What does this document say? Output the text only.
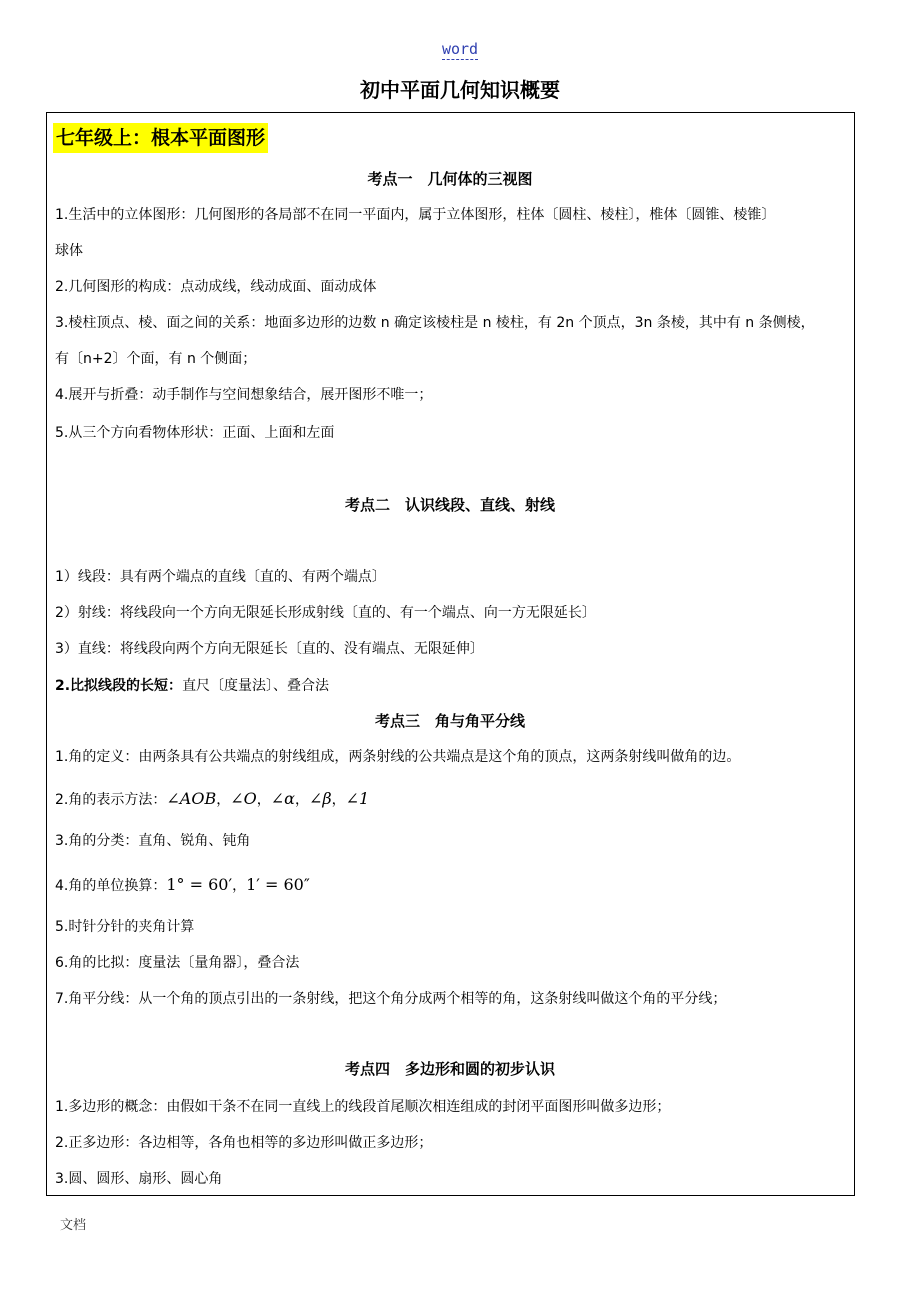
word
初中平面几何知识概要
七年级上：根本平面图形
考点一　几何体的三视图
1.生活中的立体图形：几何图形的各局部不在同一平面内，属于立体图形，柱体〔圆柱、棱柱〕，椎体〔圆锥、棱锥〕
球体
2.几何图形的构成：点动成线，线动成面、面动成体
3.棱柱顶点、棱、面之间的关系：地面多边形的边数 n 确定该棱柱是 n 棱柱，有 2n 个顶点，3n 条棱，其中有 n 条侧棱，
有〔n+2〕个面，有 n 个侧面；
4.展开与折叠：动手制作与空间想象结合，展开图形不唯一；
5.从三个方向看物体形状：正面、上面和左面
考点二　认识线段、直线、射线
1）线段：具有两个端点的直线〔直的、有两个端点〕
2）射线：将线段向一个方向无限延长形成射线〔直的、有一个端点、向一方无限延长〕
3）直线：将线段向两个方向无限延长〔直的、没有端点、无限延伸〕
2.比拟线段的长短：直尺〔度量法〕、叠合法
考点三　角与角平分线
1.角的定义：由两条具有公共端点的射线组成，两条射线的公共端点是这个角的顶点，这两条射线叫做角的边。
2.角的表示方法：∠AOB，∠O，∠α，∠β，∠1
3.角的分类：直角、锐角、钝角
4.角的单位换算：1° = 60′，1′ = 60″
5.时针分针的夹角计算
6.角的比拟：度量法〔量角器〕，叠合法
7.角平分线：从一个角的顶点引出的一条射线，把这个角分成两个相等的角，这条射线叫做这个角的平分线；
考点四　多边形和圆的初步认识
1.多边形的概念：由假如干条不在同一直线上的线段首尾顺次相连组成的封闭平面图形叫做多边形；
2.正多边形：各边相等，各角也相等的多边形叫做正多边形；
3.圆、圆形、扇形、圆心角
文档
